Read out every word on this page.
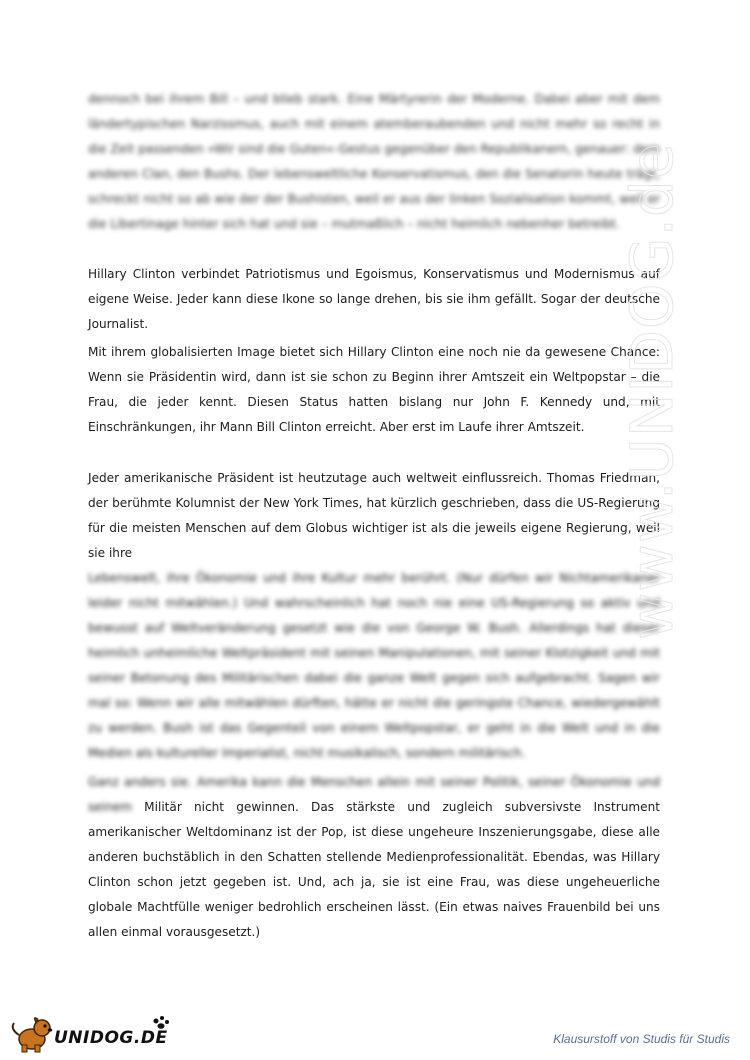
dennoch bei ihrem Bill – und blieb stark. Eine Märtyrerin der Moderne. Dabei aber mit dem ländertypischen Narzissmus, auch mit einem atemberaubenden und nicht mehr so recht in die Zeit passenden »Wir sind die Guten«-Gestus gegenüber den Republikanern, genauer: dem anderen Clan, den Bushs. Der lebensweltliche Konservatismus, den die Senatorin heute trägt, schreckt nicht so ab wie der der Bushisten, weil er aus der linken Sozialisation kommt, weil er die Libertinage hinter sich hat und sie – mutmaßlich – nicht heimlich nebenher betreibt.

Hillary Clinton verbindet Patriotismus und Egoismus, Konservatismus und Modernismus auf eigene Weise. Jeder kann diese Ikone so lange drehen, bis sie ihm gefällt. Sogar der deutsche Journalist.

Mit ihrem globalisierten Image bietet sich Hillary Clinton eine noch nie da gewesene Chance: Wenn sie Präsidentin wird, dann ist sie schon zu Beginn ihrer Amtszeit ein Weltpopstar – die Frau, die jeder kennt. Diesen Status hatten bislang nur John F. Kennedy und, mit Einschränkungen, ihr Mann Bill Clinton erreicht. Aber erst im Laufe ihrer Amtszeit.

Jeder amerikanische Präsident ist heutzutage auch weltweit einflussreich. Thomas Friedman, der berühmte Kolumnist der New York Times, hat kürzlich geschrieben, dass die US-Regierung für die meisten Menschen auf dem Globus wichtiger ist als die jeweils eigene Regierung, weil sie ihre
Lebenswelt, ihre Ökonomie und ihre Kultur mehr berührt. (Nur dürfen wir Nichtamerikaner leider nicht mitwählen.) Und wahrscheinlich hat noch nie eine US-Regierung so aktiv und bewusst auf Weltveränderung gesetzt wie die von George W. Bush. Allerdings hat dieser heimlich unheimliche Weltpräsident mit seinen Manipulationen, mit seiner Klotzigkeit und mit seiner Betonung des Militärischen dabei die ganze Welt gegen sich aufgebracht. Sagen wir mal so: Wenn wir alle mitwählen dürften, hätte er nicht die geringste Chance, wiedergewählt zu werden. Bush ist das Gegenteil von einem Weltpopstar, er geht in die Welt und in die Medien als kultureller Imperialist, nicht musikalisch, sondern militärisch.
Ganz anders sie. Amerika kann die Menschen allein mit seiner Politik, seiner Ökonomie und seinem Militär nicht gewinnen. Das stärkste und zugleich subversivste Instrument amerikanischer Weltdominanz ist der Pop, ist diese ungeheure Inszenierungsgabe, diese alle anderen buchstäblich in den Schatten stellende Medienprofessionalität. Ebendas, was Hillary Clinton schon jetzt gegeben ist. Und, ach ja, sie ist eine Frau, was diese ungeheuerliche globale Machtfülle weniger bedrohlich erscheinen lässt. (Ein etwas naives Frauenbild bei uns allen einmal vorausgesetzt.)
www.UNIDOG.de
UNIDOG.DE	Klausurstoff von Studis für Studis
